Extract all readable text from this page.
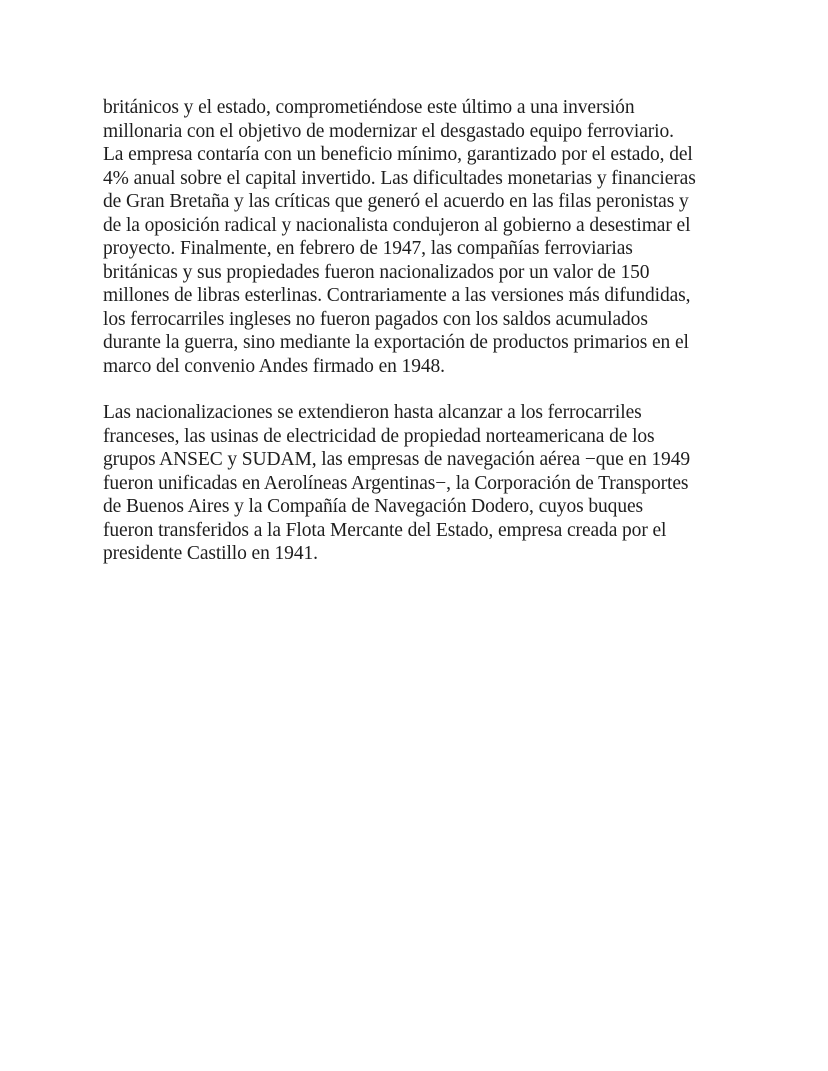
británicos y el estado, comprometiéndose este último a una inversión
millonaria con el objetivo de modernizar el desgastado equipo ferroviario.
La empresa contaría con un beneficio mínimo, garantizado por el estado, del
4% anual sobre el capital invertido. Las dificultades monetarias y financieras
de Gran Bretaña y las críticas que generó el acuerdo en las filas peronistas y
de la oposición radical y nacionalista condujeron al gobierno a desestimar el
proyecto. Finalmente, en febrero de 1947, las compañías ferroviarias
británicas y sus propiedades fueron nacionalizados por un valor de 150
millones de libras esterlinas. Contrariamente a las versiones más difundidas,
los ferrocarriles ingleses no fueron pagados con los saldos acumulados
durante la guerra, sino mediante la exportación de productos primarios en el
marco del convenio Andes firmado en 1948.

Las nacionalizaciones se extendieron hasta alcanzar a los ferrocarriles
franceses, las usinas de electricidad de propiedad norteamericana de los
grupos ANSEC y SUDAM, las empresas de navegación aérea −que en 1949
fueron unificadas en Aerolíneas Argentinas−, la Corporación de Transportes
de Buenos Aires y la Compañía de Navegación Dodero, cuyos buques
fueron transferidos a la Flota Mercante del Estado, empresa creada por el
presidente Castillo en 1941.
